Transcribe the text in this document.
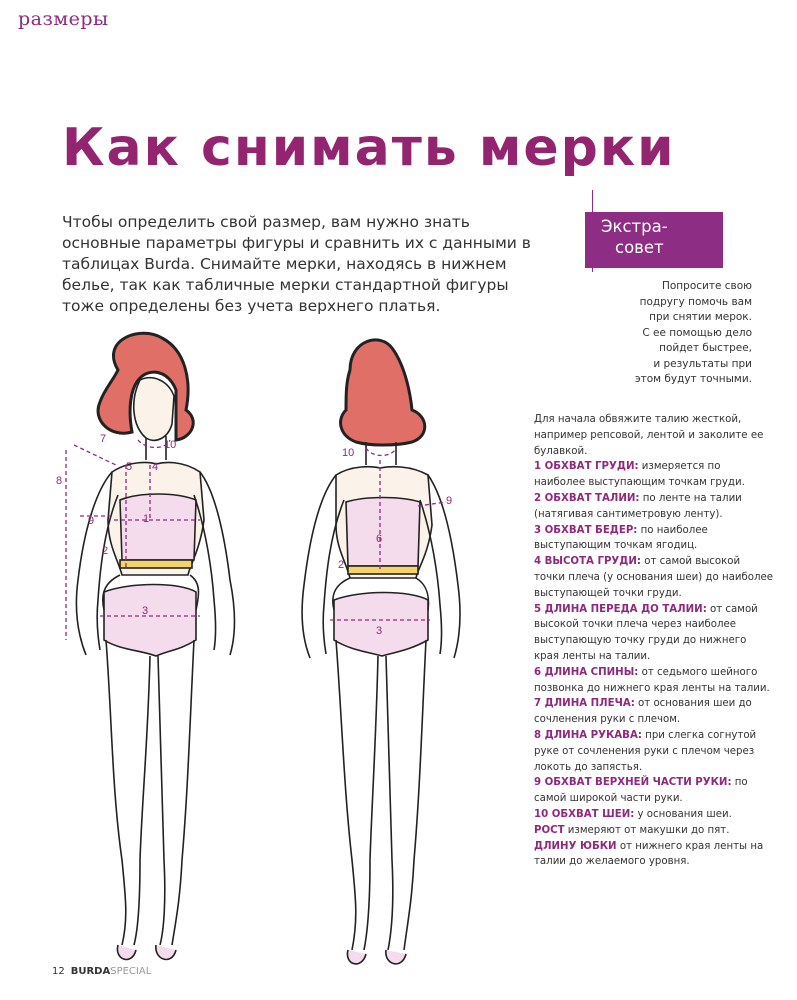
размеры
Как снимать мерки

Чтобы определить свой размер, вам нужно знать основные параметры фигуры и сравнить их с данными в таблицах Burda. Снимайте мерки, находясь в нижнем белье, так как табличные мерки стандартной фигуры тоже определены без учета верхнего платья.

Экстра-
совет
Попросите свою
подругу помочь вам
при снятии мерок.
С ее помощью дело
пойдет быстрее,
и результаты при
этом будут точными.
1
2
3
4
5
7
8
9
10
6
2
3
9
10

Для начала обвяжите талию жесткой, например репсовой, лентой и заколите ее булавкой.

1 ОБХВАТ ГРУДИ: измеряется по наиболее выступающим точкам груди.

2 ОБХВАТ ТАЛИИ: по ленте на талии (натягивая сантиметровую ленту).

3 ОБХВАТ БЕДЕР: по наиболее выступающим точкам ягодиц.

4 ВЫСОТА ГРУДИ: от самой высокой точки плеча (у основания шеи) до наиболее выступающей точки груди.

5 ДЛИНА ПЕРЕДА ДО ТАЛИИ: от самой высокой точки плеча через наиболее выступающую точку груди до нижнего края ленты на талии.

6 ДЛИНА СПИНЫ: от седьмого шейного позвонка до нижнего края ленты на талии.

7 ДЛИНА ПЛЕЧА: от основания шеи до сочленения руки с плечом.

8 ДЛИНА РУКАВА: при слегка согнутой руке от сочленения руки с плечом через локоть до запястья.

9 ОБХВАТ ВЕРХНЕЙ ЧАСТИ РУКИ: по самой широкой части руки.

10 ОБХВАТ ШЕИ: у основания шеи.

РОСТ измеряют от макушки до пят.

ДЛИНУ ЮБКИ от нижнего края ленты на талии до желаемого уровня.

12 BURDASPECIAL
